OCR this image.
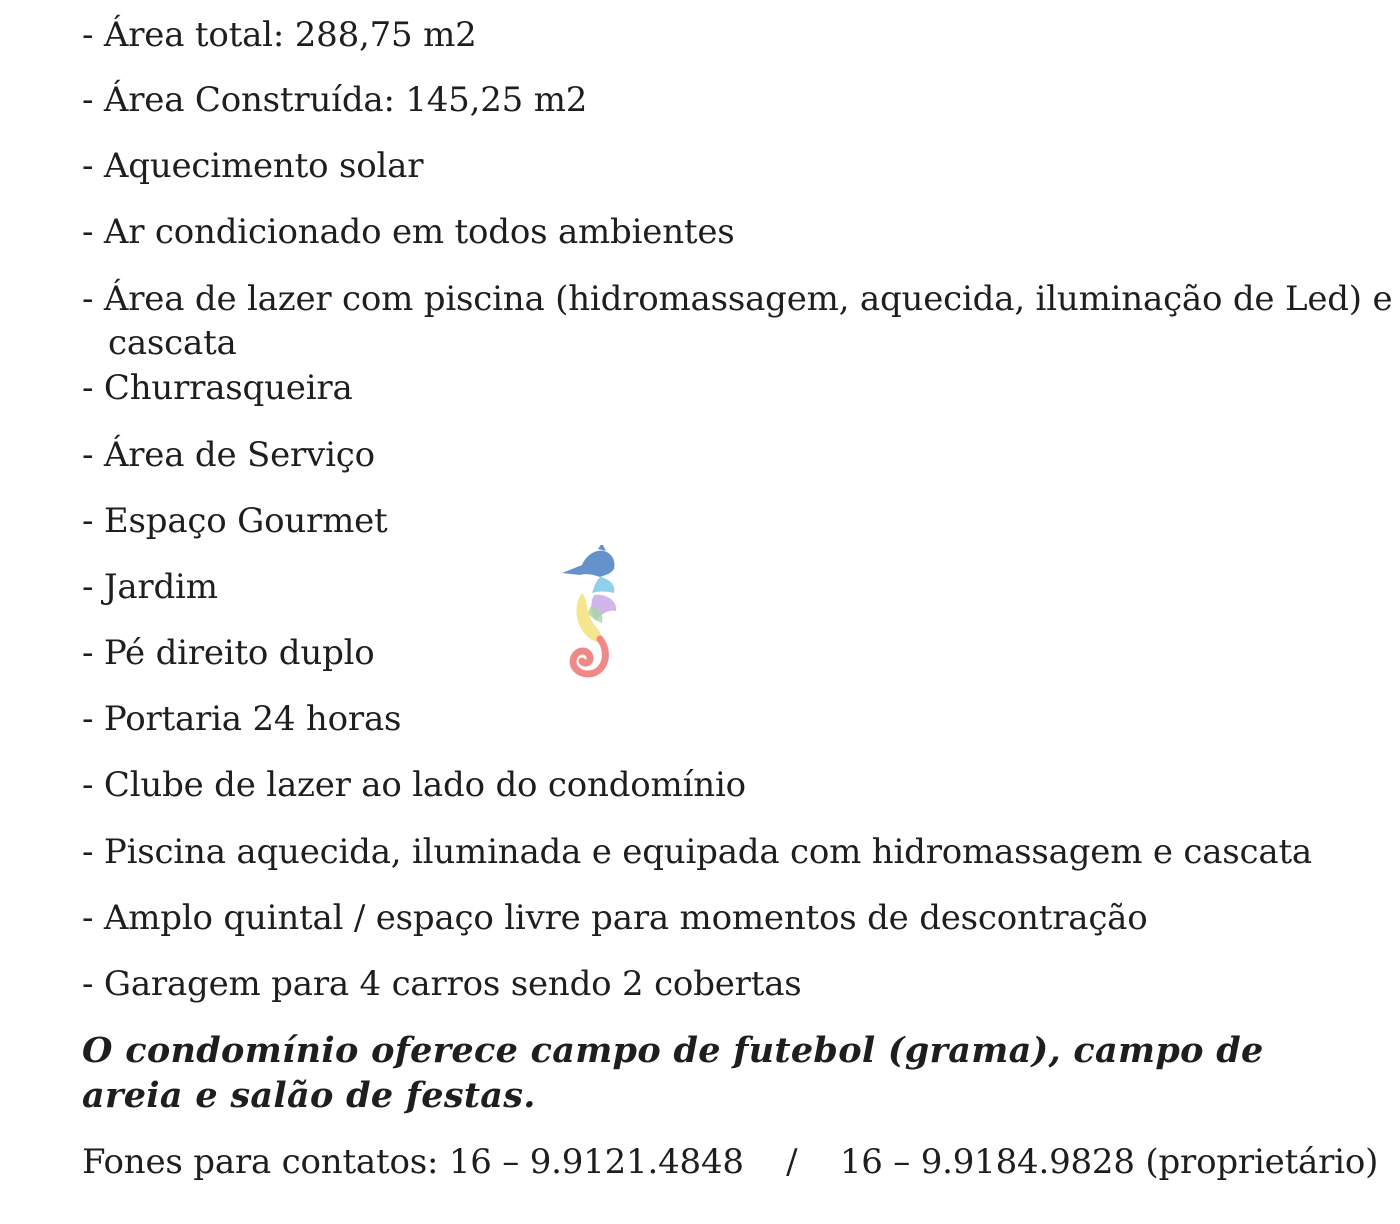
- Área total: 288,75 m2
- Área Construída: 145,25 m2
- Aquecimento solar
- Ar condicionado em todos ambientes
- Área de lazer com piscina (hidromassagem, aquecida, iluminação de Led) e
cascata
- Churrasqueira
- Área de Serviço
- Espaço Gourmet
- Jardim
- Pé direito duplo
- Portaria 24 horas
- Clube de lazer ao lado do condomínio
- Piscina aquecida, iluminada e equipada com hidromassagem e cascata
- Amplo quintal / espaço livre para momentos de descontração
- Garagem para 4 carros sendo 2 cobertas
O condomínio oferece campo de futebol (grama), campo de areia e salão de festas.
Fones para contatos: 16 – 9.9121.4848 / 16 – 9.9184.9828 (proprietário)
